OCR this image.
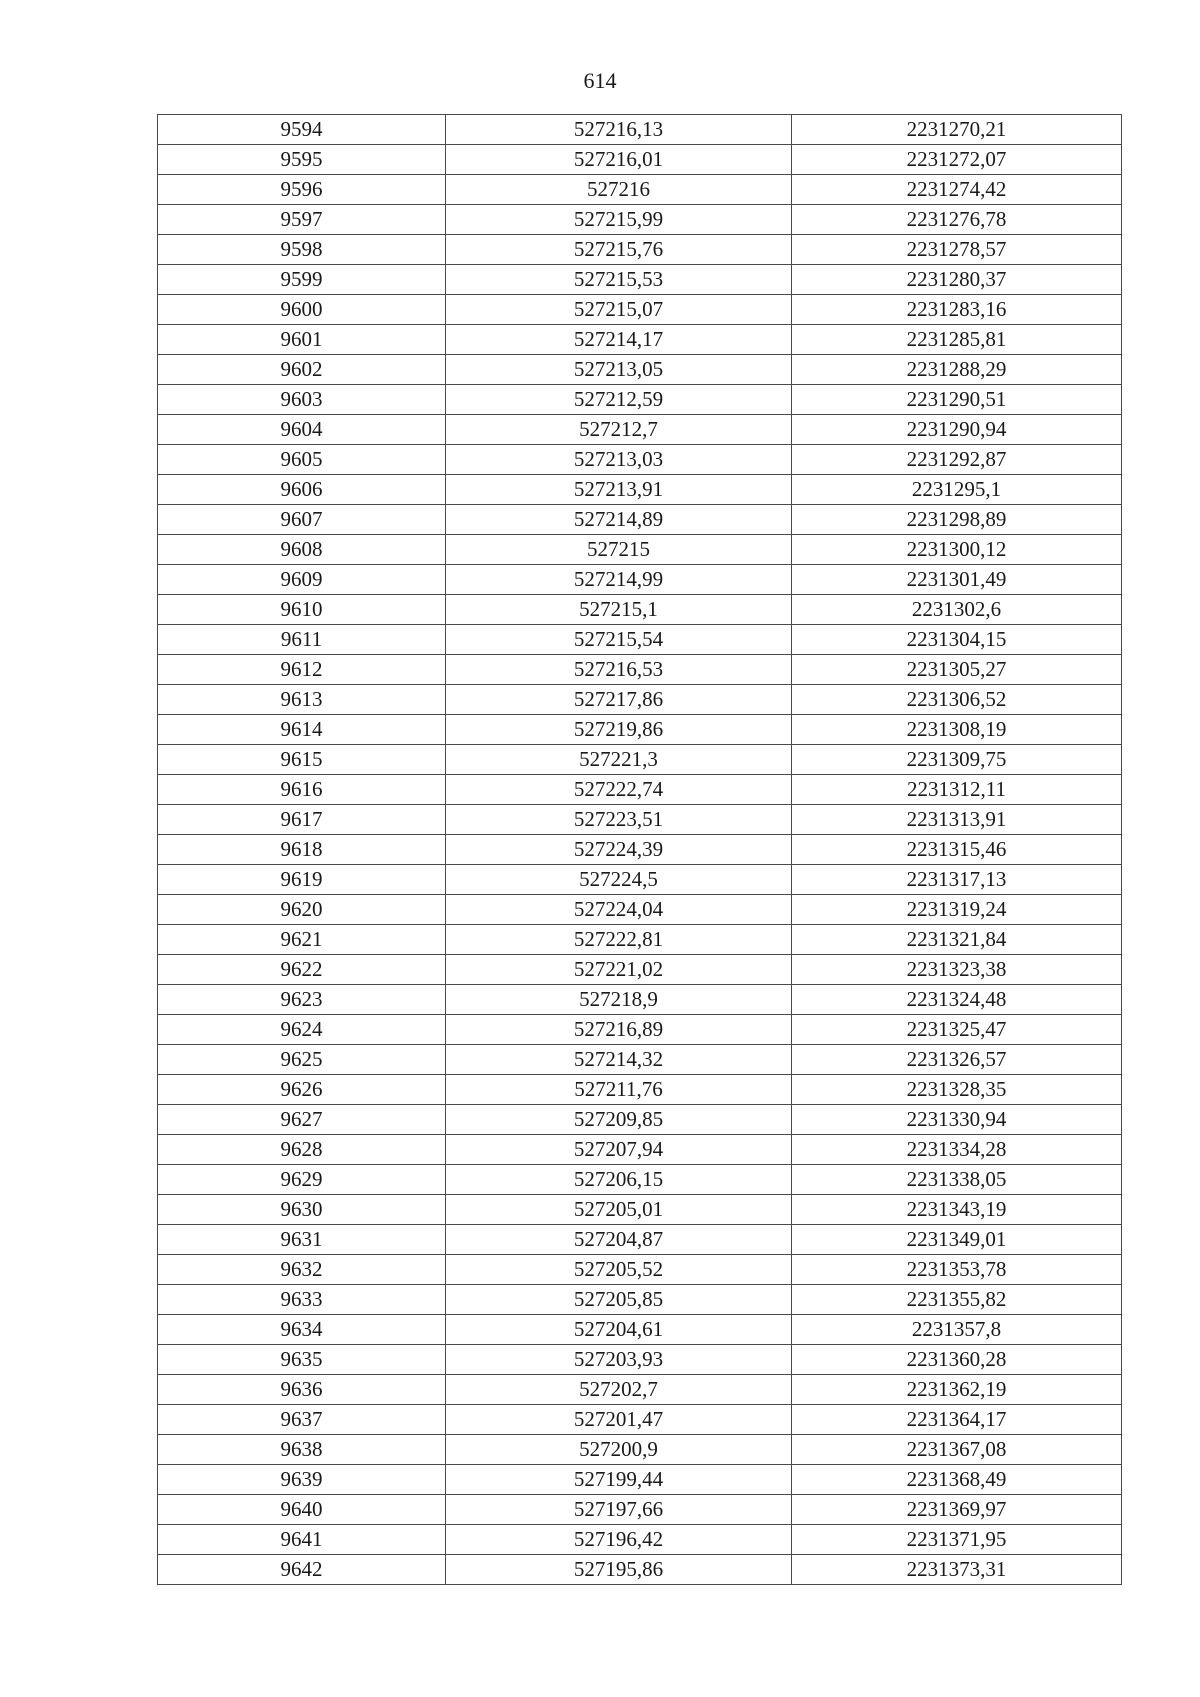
614
9594	527216,13	2231270,21
9595	527216,01	2231272,07
9596	527216	2231274,42
9597	527215,99	2231276,78
9598	527215,76	2231278,57
9599	527215,53	2231280,37
9600	527215,07	2231283,16
9601	527214,17	2231285,81
9602	527213,05	2231288,29
9603	527212,59	2231290,51
9604	527212,7	2231290,94
9605	527213,03	2231292,87
9606	527213,91	2231295,1
9607	527214,89	2231298,89
9608	527215	2231300,12
9609	527214,99	2231301,49
9610	527215,1	2231302,6
9611	527215,54	2231304,15
9612	527216,53	2231305,27
9613	527217,86	2231306,52
9614	527219,86	2231308,19
9615	527221,3	2231309,75
9616	527222,74	2231312,11
9617	527223,51	2231313,91
9618	527224,39	2231315,46
9619	527224,5	2231317,13
9620	527224,04	2231319,24
9621	527222,81	2231321,84
9622	527221,02	2231323,38
9623	527218,9	2231324,48
9624	527216,89	2231325,47
9625	527214,32	2231326,57
9626	527211,76	2231328,35
9627	527209,85	2231330,94
9628	527207,94	2231334,28
9629	527206,15	2231338,05
9630	527205,01	2231343,19
9631	527204,87	2231349,01
9632	527205,52	2231353,78
9633	527205,85	2231355,82
9634	527204,61	2231357,8
9635	527203,93	2231360,28
9636	527202,7	2231362,19
9637	527201,47	2231364,17
9638	527200,9	2231367,08
9639	527199,44	2231368,49
9640	527197,66	2231369,97
9641	527196,42	2231371,95
9642	527195,86	2231373,31
